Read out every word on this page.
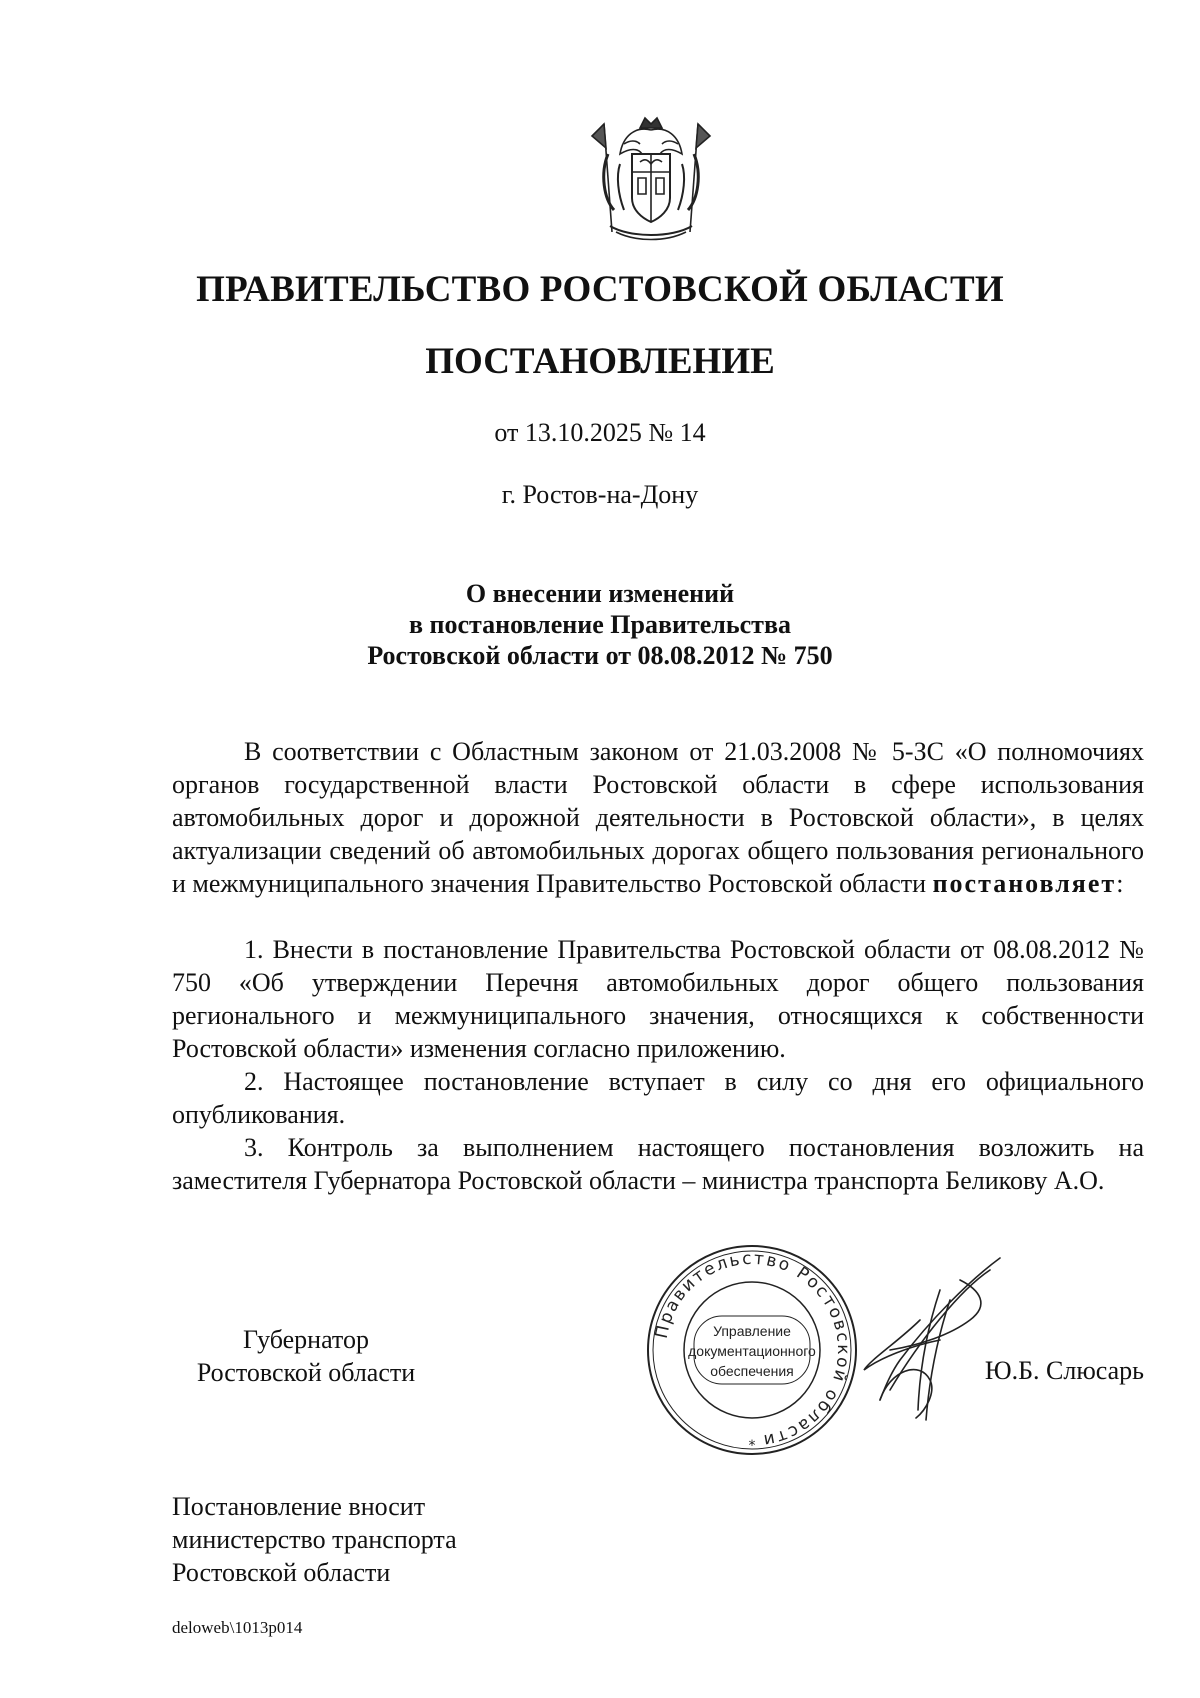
ПРАВИТЕЛЬСТВО РОСТОВСКОЙ ОБЛАСТИ
ПОСТАНОВЛЕНИЕ
от 13.10.2025 № 14
г. Ростов-на-Дону
О внесении изменений
в постановление Правительства
Ростовской области от 08.08.2012 № 750

В соответствии с Областным законом от 21.03.2008 № 5-ЗС «О полномочиях органов государственной власти Ростовской области в сфере использования автомобильных дорог и дорожной деятельности в Ростовской области», в целях актуализации сведений об автомобильных дорогах общего пользования регионального и межмуниципального значения Правительство Ростовской области постановляет:

1. Внести в постановление Правительства Ростовской области от 08.08.2012 № 750 «Об утверждении Перечня автомобильных дорог общего пользования регионального и межмуниципального значения, относящихся к собственности Ростовской области» изменения согласно приложению.

2. Настоящее постановление вступает в силу со дня его официального опубликования.

3. Контроль за выполнением настоящего постановления возложить на заместителя Губернатора Ростовской области – министра транспорта Беликову А.О.

Губернатор
Ростовской области
Правительство Ростовской области
Управление
документационного
обеспечения
*
Ю.Б. Слюсарь
Постановление вносит
министерство транспорта
Ростовской области
deloweb\1013p014
